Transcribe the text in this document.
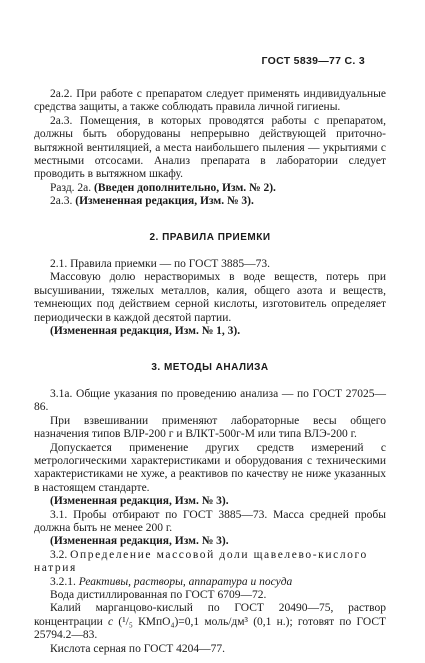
ГОСТ 5839—77 С. 3

2а.2. При работе с препаратом следует применять индивидуальные средства защиты, а также соблюдать правила личной гигиены.

2а.3. Помещения, в которых проводятся работы с препаратом, должны быть оборудованы непрерывно действующей приточно-вытяжной вентиляцией, а места наибольшего пыления — укрытиями с местными отсосами. Анализ препарата в лаборатории следует проводить в вытяжном шкафу.

Разд. 2а. (Введен дополнительно, Изм. № 2).

2а.3. (Измененная редакция, Изм. № 3).

2. ПРАВИЛА ПРИЕМКИ

2.1. Правила приемки — по ГОСТ 3885—73.

Массовую долю нерастворимых в воде веществ, потерь при высушивании, тяжелых металлов, калия, общего азота и веществ, темнеющих под действием серной кислоты, изготовитель определяет периодически в каждой десятой партии.

(Измененная редакция, Изм. № 1, 3).

3. МЕТОДЫ АНАЛИЗА

3.1а. Общие указания по проведению анализа — по ГОСТ 27025—86.

При взвешивании применяют лабораторные весы общего назначения типов ВЛР-200 г и ВЛКТ-500г-М или типа ВЛЭ-200 г.

Допускается применение других средств измерений с метрологическими характеристиками и оборудования с техническими характеристиками не хуже, а реактивов по качеству не ниже указанных в настоящем стандарте.

(Измененная редакция, Изм. № 3).

3.1. Пробы отбирают по ГОСТ 3885—73. Масса средней пробы должна быть не менее 200 г.

(Измененная редакция, Изм. № 3).

3.2. Определение массовой доли щавелево-кислого натрия

3.2.1. Реактивы, растворы, аппаратура и посуда

Вода дистиллированная по ГОСТ 6709—72.

Калий марганцово-кислый по ГОСТ 20490—75, раствор концентрации с (¹/₅ КМпО₄)=0,1 моль/дм³ (0,1 н.); готовят по ГОСТ 25794.2—83.

Кислота серная по ГОСТ 4204—77.
